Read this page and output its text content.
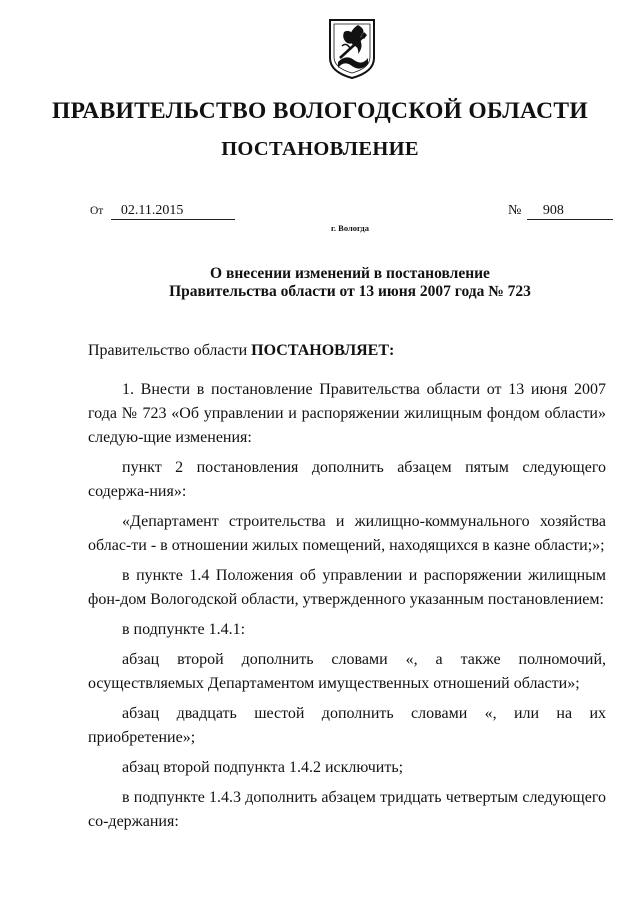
ПРАВИТЕЛЬСТВО ВОЛОГОДСКОЙ ОБЛАСТИ
ПОСТАНОВЛЕНИЕ
От 02.11.2015	№ 908
г. Вологда
О внесении изменений в постановление
Правительства области от 13 июня 2007 года № 723

Правительство области ПОСТАНОВЛЯЕТ:

1. Внести в постановление Правительства области от 13 июня 2007 года № 723 «Об управлении и распоряжении жилищным фондом области» следую-щие изменения:

пункт 2 постановления дополнить абзацем пятым следующего содержа-ния»:

«Департамент строительства и жилищно-коммунального хозяйства облас-ти - в отношении жилых помещений, находящихся в казне области;»;

в пункте 1.4 Положения об управлении и распоряжении жилищным фон-дом Вологодской области, утвержденного указанным постановлением:

в подпункте 1.4.1:

абзац второй дополнить словами «, а также полномочий, осуществляемых Департаментом имущественных отношений области»;

абзац двадцать шестой дополнить словами «, или на их приобретение»;

абзац второй подпункта 1.4.2 исключить;

в подпункте 1.4.3 дополнить абзацем тридцать четвертым следующего со-держания:
